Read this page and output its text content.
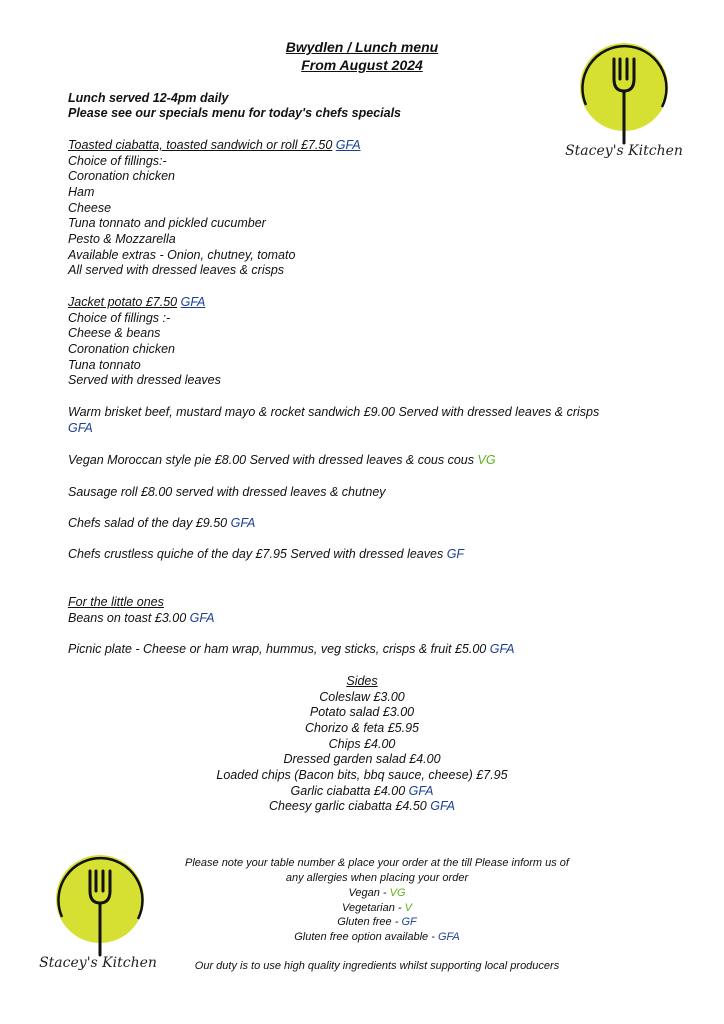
Bwydlen / Lunch menu
From August 2024
Stacey's Kitchen
Lunch served 12-4pm daily
Please see our specials menu for today's chefs specials
Toasted ciabatta, toasted sandwich or roll £7.50 GFA
Choice of fillings:-
Coronation chicken
Ham
Cheese
Tuna tonnato and pickled cucumber
Pesto & Mozzarella
Available extras - Onion, chutney, tomato
All served with dressed leaves & crisps
Jacket potato £7.50 GFA
Choice of fillings :-
Cheese & beans
Coronation chicken
Tuna tonnato
Served with dressed leaves
Warm brisket beef, mustard mayo & rocket sandwich £9.00 Served with dressed leaves & crisps
GFA
Vegan Moroccan style pie £8.00 Served with dressed leaves & cous cous VG
Sausage roll £8.00 served with dressed leaves & chutney
Chefs salad of the day £9.50 GFA
Chefs crustless quiche of the day £7.95 Served with dressed leaves GF
For the little ones
Beans on toast £3.00 GFA
Picnic plate - Cheese or ham wrap, hummus, veg sticks, crisps & fruit £5.00 GFA
Sides
Coleslaw £3.00
Potato salad £3.00
Chorizo & feta £5.95
Chips £4.00
Dressed garden salad £4.00
Loaded chips (Bacon bits, bbq sauce, cheese) £7.95
Garlic ciabatta £4.00 GFA
Cheesy garlic ciabatta £4.50 GFA
Stacey's Kitchen
Please note your table number & place your order at the till Please inform us of
any allergies when placing your order
Vegan - VG
Vegetarian - V
Gluten free - GF
Gluten free option available - GFA
Our duty is to use high quality ingredients whilst supporting local producers
